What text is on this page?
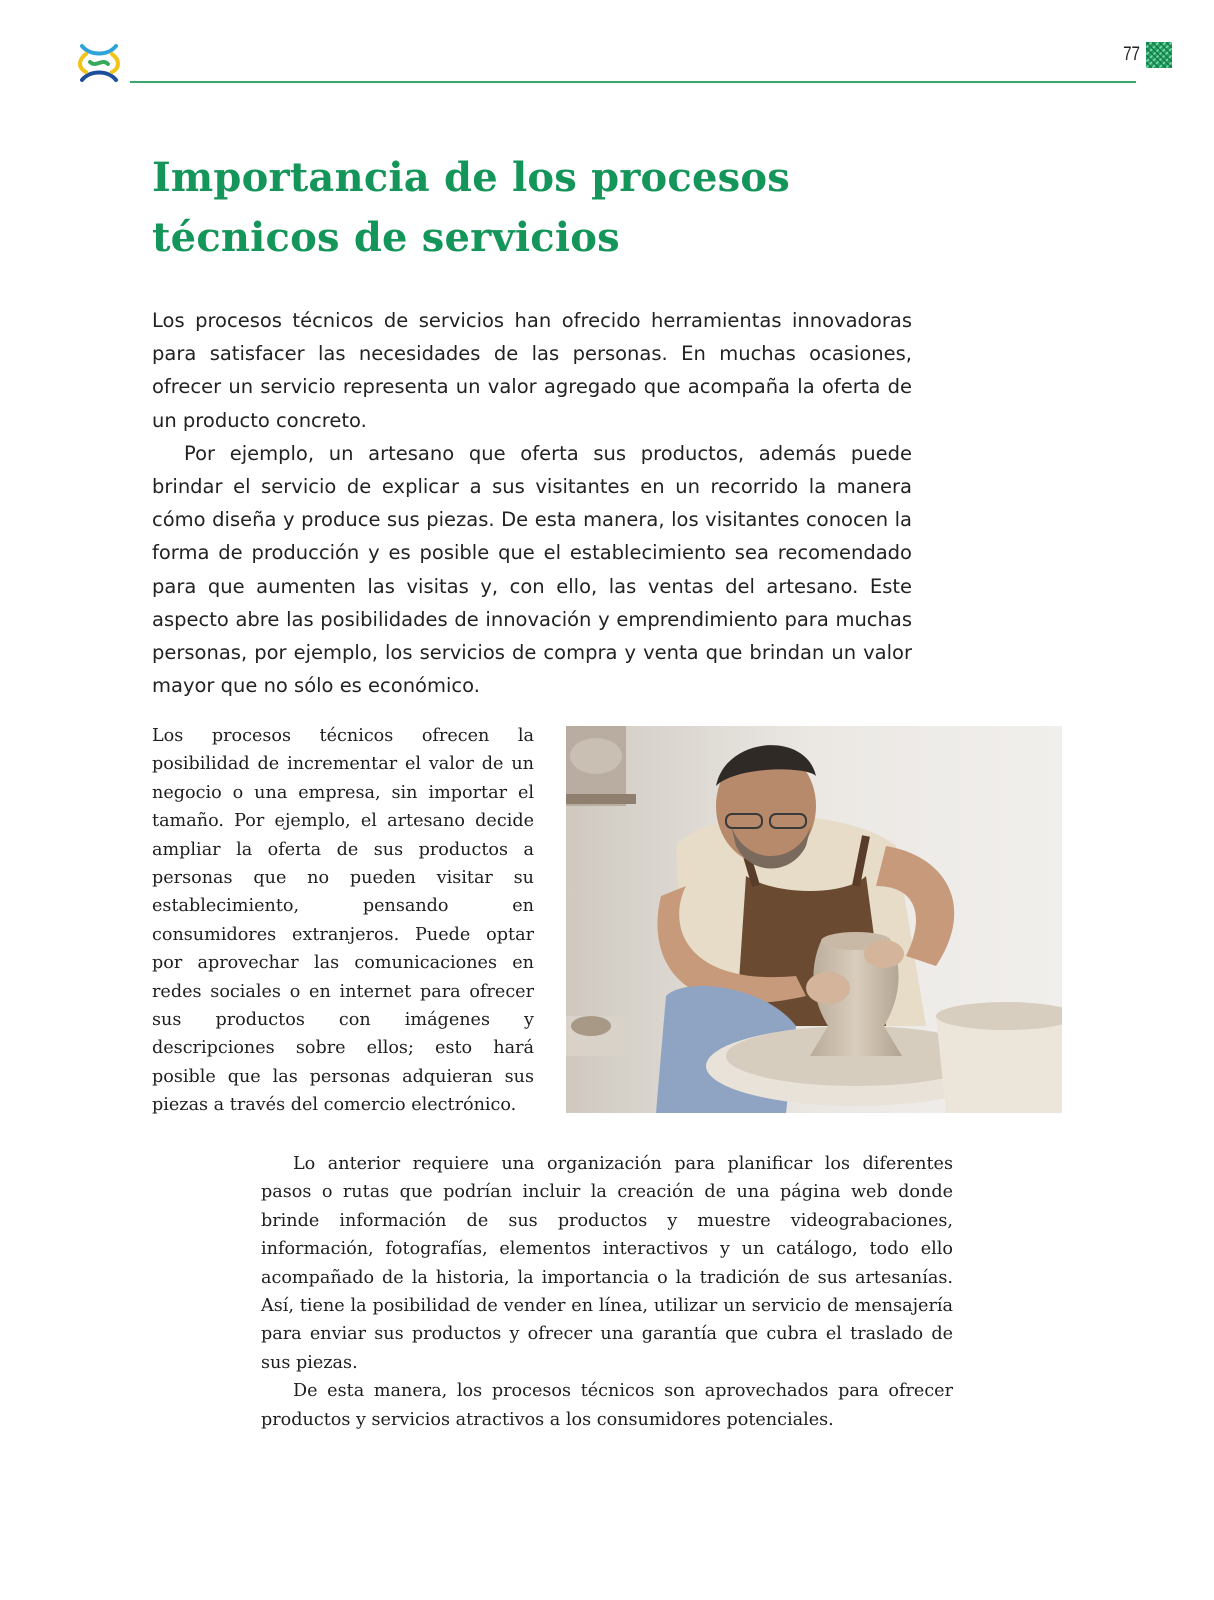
77
Importancia de los procesos técnicos de servicios

Los procesos técnicos de servicios han ofrecido herramientas innovadoras para satisfacer las necesidades de las personas. En muchas ocasiones, ofrecer un servicio representa un valor agregado que acompaña la oferta de un producto concreto.

Por ejemplo, un artesano que oferta sus productos, además puede brindar el servicio de explicar a sus visitantes en un recorrido la manera cómo diseña y produce sus piezas. De esta manera, los visitantes conocen la forma de producción y es posible que el establecimiento sea recomendado para que aumenten las visitas y, con ello, las ventas del artesano. Este aspecto abre las posibilidades de innovación y emprendimiento para muchas personas, por ejemplo, los servicios de compra y venta que brindan un valor mayor que no sólo es económico.

Los procesos técnicos ofrecen la posibilidad de incrementar el valor de un negocio o una empresa, sin importar el tamaño. Por ejemplo, el artesano decide ampliar la oferta de sus productos a personas que no pueden visitar su establecimiento, pensando en consumidores extranjeros. Puede optar por aprovechar las comunicaciones en redes sociales o en internet para ofrecer sus productos con imágenes y descripciones sobre ellos; esto hará posible que las personas adquieran sus piezas a través del comercio electrónico.

Lo anterior requiere una organización para planificar los diferentes pasos o rutas que podrían incluir la creación de una página web donde brinde información de sus productos y muestre videograbaciones, información, fotografías, elementos interactivos y un catálogo, todo ello acompañado de la historia, la importancia o la tradición de sus artesanías. Así, tiene la posibilidad de vender en línea, utilizar un servicio de mensajería para enviar sus productos y ofrecer una garantía que cubra el traslado de sus piezas.

De esta manera, los procesos técnicos son aprovechados para ofrecer productos y servicios atractivos a los consumidores potenciales.
